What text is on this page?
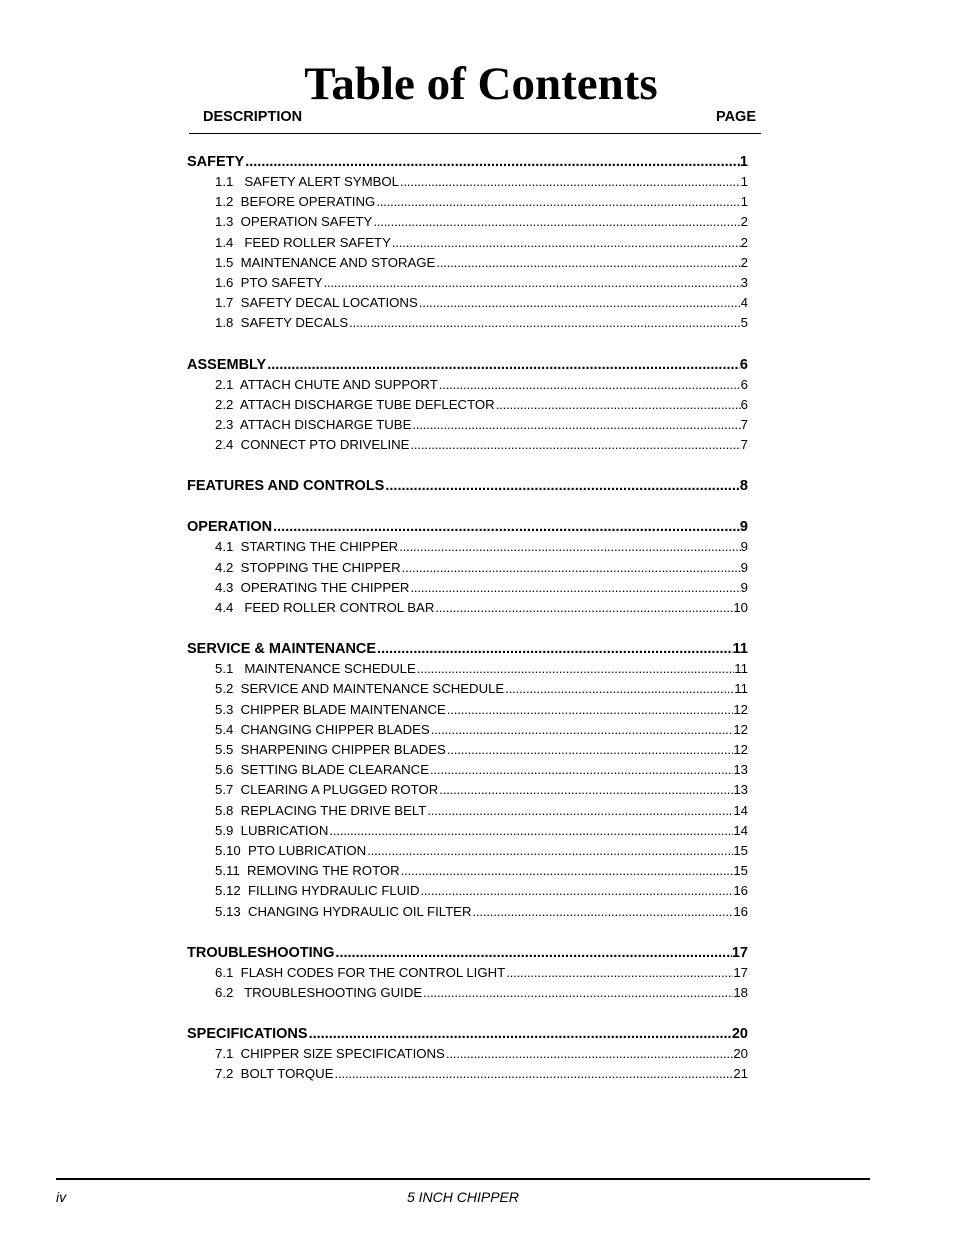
Table of Contents
DESCRIPTION	PAGE
SAFETY .....	1
1.1   SAFETY ALERT SYMBOL .....	1
1.2  BEFORE OPERATING .....	1
1.3  OPERATION SAFETY .....	2
1.4   FEED ROLLER SAFETY .....	2
1.5  MAINTENANCE AND STORAGE .....	2
1.6  PTO SAFETY .....	3
1.7  SAFETY DECAL LOCATIONS .....	4
1.8  SAFETY DECALS .....	5
ASSEMBLY .....	6
2.1  ATTACH CHUTE AND SUPPORT .....	6
2.2  ATTACH DISCHARGE TUBE DEFLECTOR .....	6
2.3  ATTACH DISCHARGE TUBE .....	7
2.4  CONNECT PTO DRIVELINE .....	7
FEATURES AND CONTROLS .....	8
OPERATION .....	9
4.1  STARTING THE CHIPPER .....	9
4.2  STOPPING THE CHIPPER .....	9
4.3  OPERATING THE CHIPPER .....	9
4.4   FEED ROLLER CONTROL BAR .....	10
SERVICE & MAINTENANCE .....	11
5.1   MAINTENANCE SCHEDULE .....	11
5.2  SERVICE AND MAINTENANCE SCHEDULE .....	11
5.3  CHIPPER BLADE MAINTENANCE .....	12
5.4  CHANGING CHIPPER BLADES .....	12
5.5  SHARPENING CHIPPER BLADES .....	12
5.6  SETTING BLADE CLEARANCE .....	13
5.7  CLEARING A PLUGGED ROTOR .....	13
5.8  REPLACING THE DRIVE BELT .....	14
5.9  LUBRICATION .....	14
5.10  PTO LUBRICATION .....	15
5.11  REMOVING THE ROTOR .....	15
5.12  FILLING HYDRAULIC FLUID .....	16
5.13  CHANGING HYDRAULIC OIL FILTER .....	16
TROUBLESHOOTING .....	17
6.1  FLASH CODES FOR THE CONTROL LIGHT .....	17
6.2   TROUBLESHOOTING GUIDE .....	18
SPECIFICATIONS .....	20
7.1  CHIPPER SIZE SPECIFICATIONS .....	20
7.2  BOLT TORQUE .....	21
iv	5 INCH CHIPPER
